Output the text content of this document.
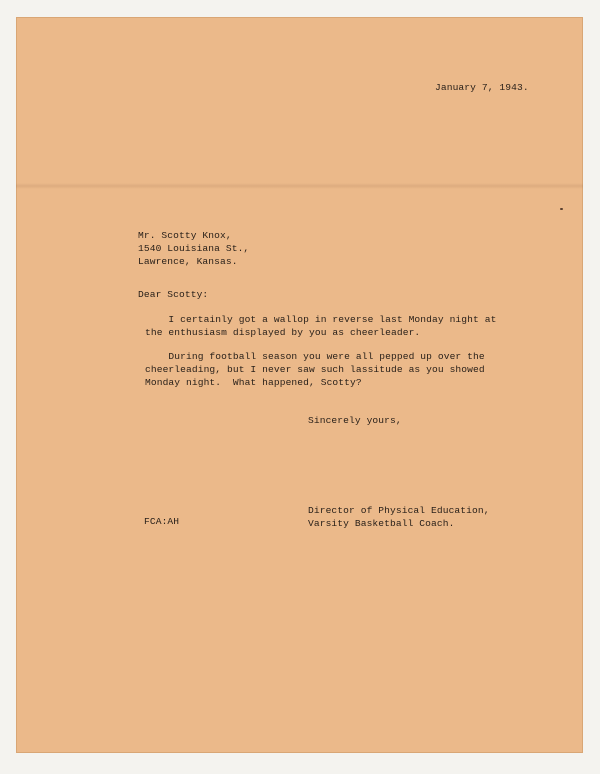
January 7, 1943.
Mr. Scotty Knox,
1540 Louisiana St.,
Lawrence, Kansas.
Dear Scotty:
I certainly got a wallop in reverse last Monday night at
the enthusiasm displayed by you as cheerleader.
During football season you were all pepped up over the
cheerleading, but I never saw such lassitude as you showed
Monday night.  What happened, Scotty?
Sincerely yours,
FCA:AH
Director of Physical Education,
Varsity Basketball Coach.
